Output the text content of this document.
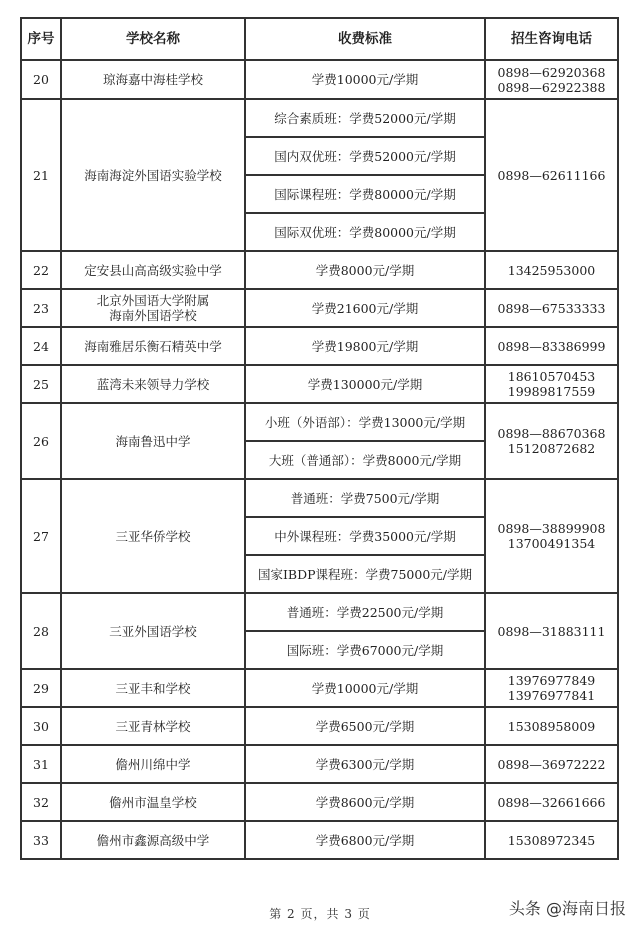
序号	学校名称	收费标准	招生咨询电话
20	琼海嘉中海桂学校	学费10000元/学期	0898—62920368
0898—62922388

21	海南海淀外国语实验学校	综合素质班：学费52000元/学期	0898—62611166

		国内双优班：学费52000元/学期	
		国际课程班：学费80000元/学期	
		国际双优班：学费80000元/学期	
22	定安县山高高级实验中学	学费8000元/学期	13425953000

23	北京外国语大学附属
海南外国语学校	学费21600元/学期	0898—67533333

24	海南雅居乐衡石精英中学	学费19800元/学期	0898—83386999

25	蓝湾未来领导力学校	学费130000元/学期	18610570453
19989817559

26	海南鲁迅中学	小班（外语部）：学费13000元/学期	0898—88670368
15120872682

		大班（普通部）：学费8000元/学期	
27	三亚华侨学校	普通班：学费7500元/学期	0898—38899908
13700491354

		中外课程班：学费35000元/学期	
		国家IBDP课程班：学费75000元/学期	
28	三亚外国语学校	普通班：学费22500元/学期	0898—31883111

		国际班：学费67000元/学期	
29	三亚丰和学校	学费10000元/学期	13976977849
13976977841

30	三亚青林学校	学费6500元/学期	15308958009

31	儋州川绵中学	学费6300元/学期	0898—36972222

32	儋州市温皇学校	学费8600元/学期	0898—32661666

33	儋州市鑫源高级中学	学费6800元/学期	15308972345
第 2 页，共 3 页	头条 @海南日报
